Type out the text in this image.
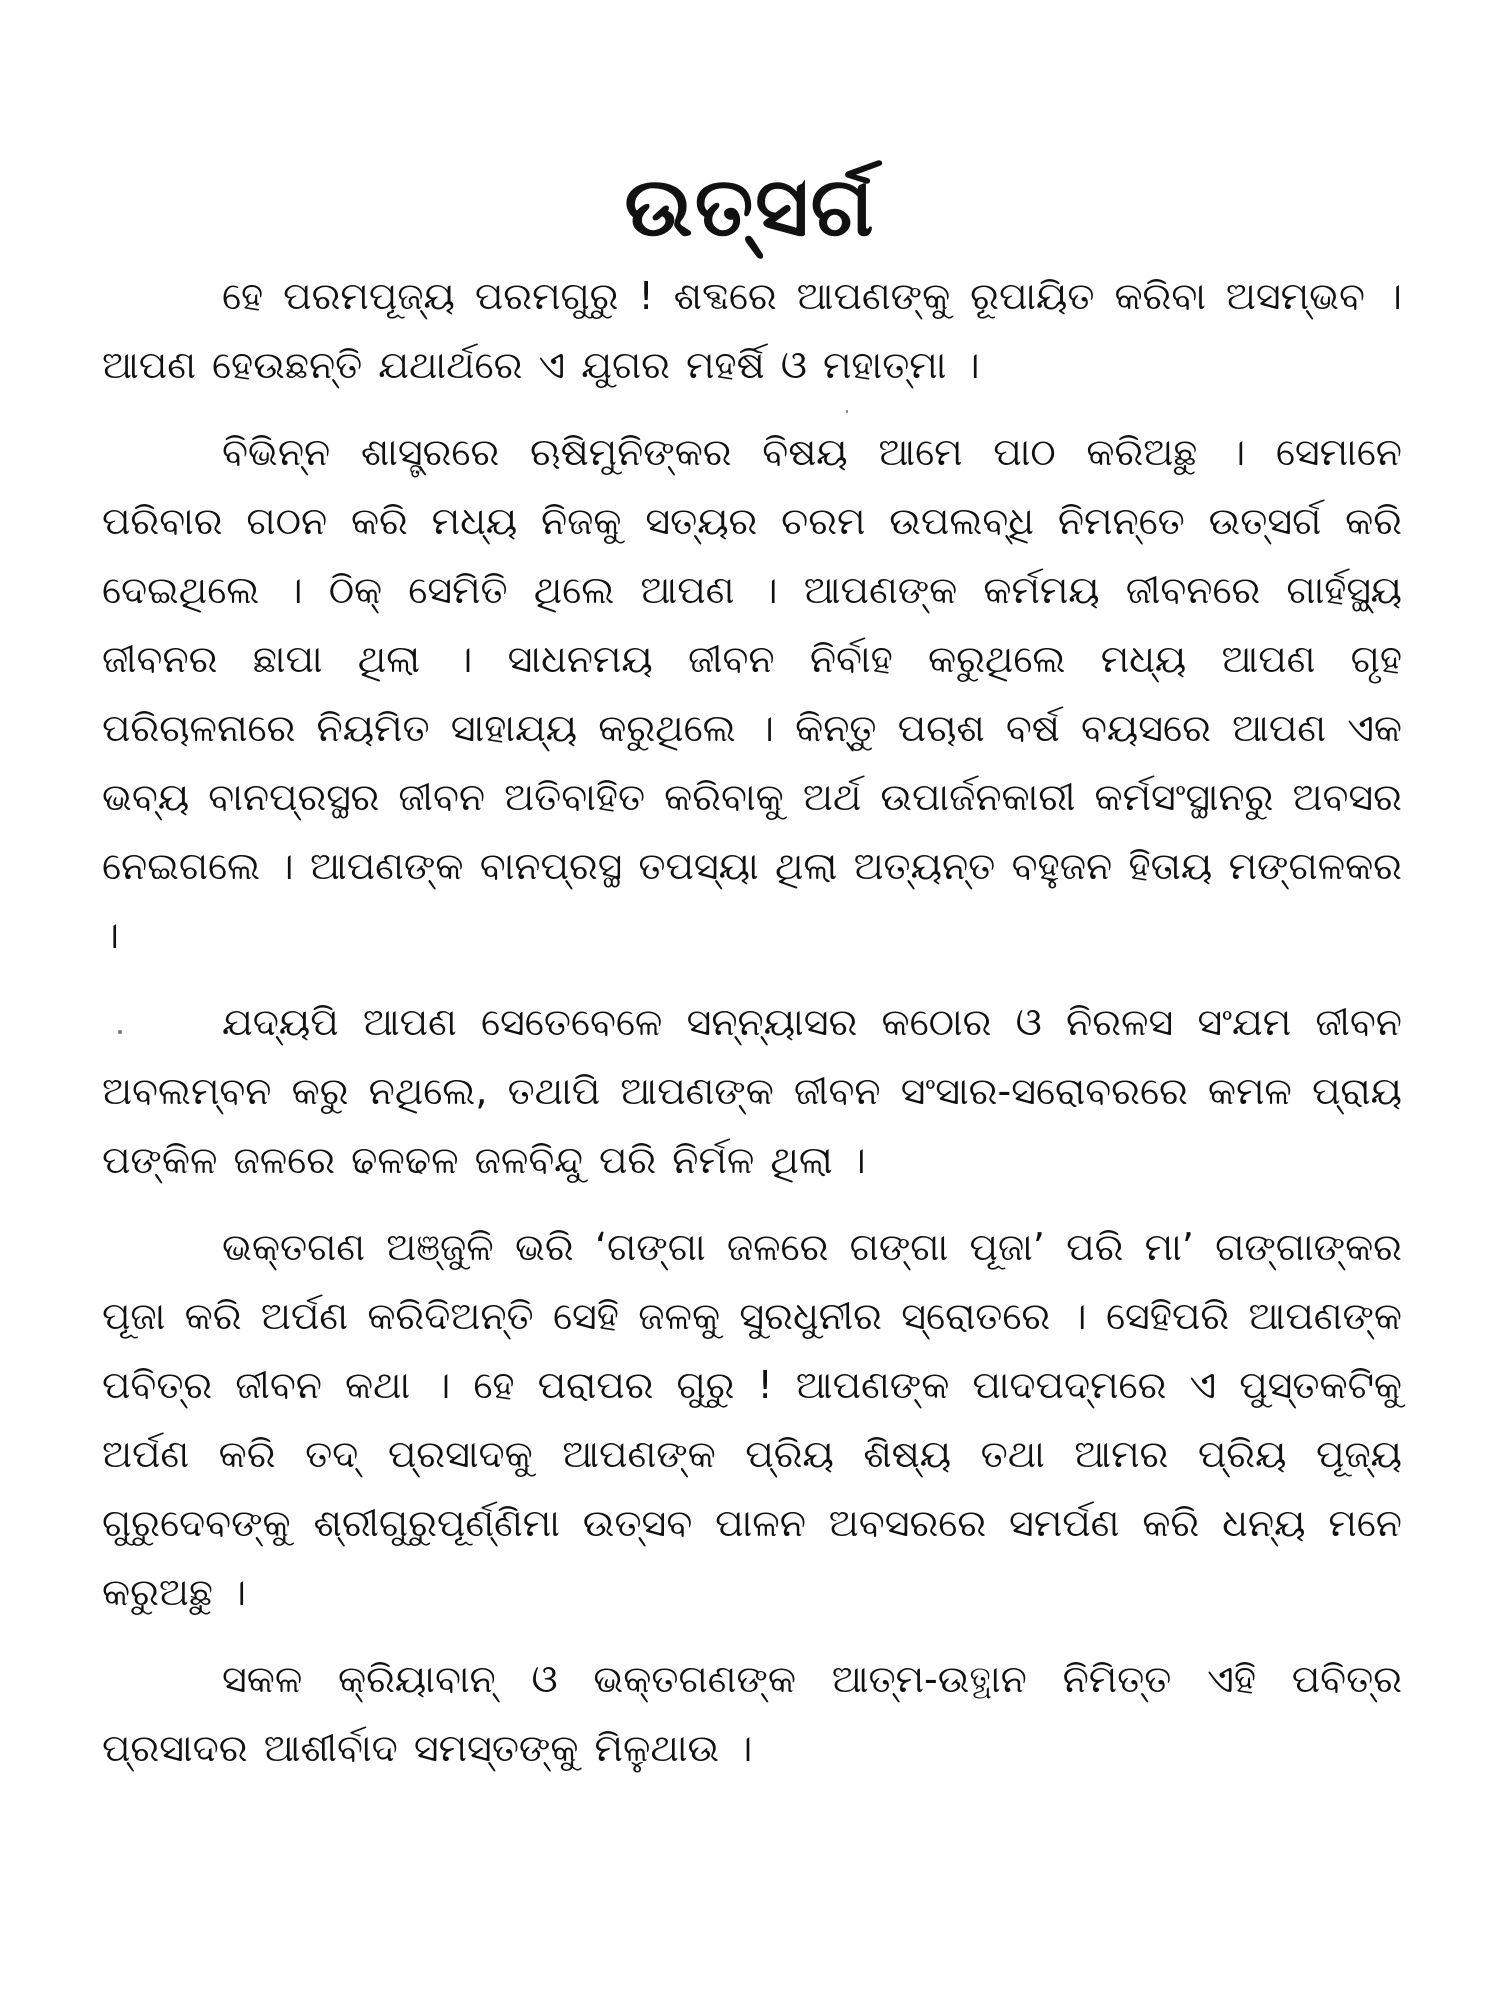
ଉତ୍ସର୍ଗ

ହେ ପରମପୂଜ୍ୟ ପରମଗୁରୁ ! ଶବ୍ଦରେ ଆପଣଙ୍କୁ ରୂପାୟିତ କରିବା ଅସମ୍ଭବ । ଆପଣ ହେଉଛନ୍ତି ଯଥାର୍ଥରେ ଏ ଯୁଗର ମହର୍ଷି ଓ ମହାତ୍ମା ।

ବିଭିନ୍ନ ଶାସ୍ତ୍ରରେ ଋଷିମୁନିଙ୍କର ବିଷୟ ଆମେ ପାଠ କରିଅଛୁ । ସେମାନେ ପରିବାର ଗଠନ କରି ମଧ୍ୟ ନିଜକୁ ସତ୍ୟର ଚରମ ଉପଲବ୍ଧି ନିମନ୍ତେ ଉତ୍ସର୍ଗ କରି ଦେଇଥିଲେ । ଠିକ୍ ସେମିତି ଥିଲେ ଆପଣ । ଆପଣଙ୍କ କର୍ମମୟ ଜୀବନରେ ଗାର୍ହସ୍ଥ୍ୟ ଜୀବନର ଛାପା ଥିଲା । ସାଧନମୟ ଜୀବନ ନିର୍ବାହ କରୁଥିଲେ ମଧ୍ୟ ଆପଣ ଗୃହ ପରିଚାଳନାରେ ନିୟମିତ ସାହାଯ୍ୟ କରୁଥିଲେ । କିନ୍ତୁ ପଚାଶ ବର୍ଷ ବୟସରେ ଆପଣ ଏକ ଭବ୍ୟ ବାନପ୍ରସ୍ଥର ଜୀବନ ଅତିବାହିତ କରିବାକୁ ଅର୍ଥ ଉପାର୍ଜନକାରୀ କର୍ମସଂସ୍ଥାନରୁ ଅବସର ନେଇଗଲେ । ଆପଣଙ୍କ ବାନପ୍ରସ୍ଥ ତପସ୍ୟା ଥିଲା ଅତ୍ୟନ୍ତ ବହୁଜନ ହିତାୟ ମଙ୍ଗଳକର ।

ଯଦ୍ୟପି ଆପଣ ସେତେବେଳେ ସନ୍ନ୍ୟାସର କଠୋର ଓ ନିରଳସ ସଂଯମ ଜୀବନ ଅବଲମ୍ବନ କରୁ ନଥିଲେ, ତଥାପି ଆପଣଙ୍କ ଜୀବନ ସଂସାର-ସରୋବରରେ କମଳ ପ୍ରାୟ ପଙ୍କିଳ ଜଳରେ ଢଳଢଳ ଜଳବିନ୍ଦୁ ପରି ନିର୍ମଳ ଥିଲା ।

ଭକ୍ତଗଣ ଅଞ୍ଜୁଳି ଭରି ‘ଗଙ୍ଗା ଜଳରେ ଗଙ୍ଗା ପୂଜା’ ପରି ମା’ ଗଙ୍ଗାଙ୍କର ପୂଜା କରି ଅର୍ପଣ କରିଦିଅନ୍ତି ସେହି ଜଳକୁ ସୁରଧୁନୀର ସ୍ରୋତରେ । ସେହିପରି ଆପଣଙ୍କ ପବିତ୍ର ଜୀବନ କଥା । ହେ ପରାପର ଗୁରୁ ! ଆପଣଙ୍କ ପାଦପଦ୍ମରେ ଏ ପୁସ୍ତକଟିକୁ ଅର୍ପଣ କରି ତଦ୍ ପ୍ରସାଦକୁ ଆପଣଙ୍କ ପ୍ରିୟ ଶିଷ୍ୟ ତଥା ଆମର ପ୍ରିୟ ପୂଜ୍ୟ ଗୁରୁଦେବଙ୍କୁ ଶ୍ରୀଗୁରୁପୂର୍ଣ୍ଣିମା ଉତ୍ସବ ପାଳନ ଅବସରରେ ସମର୍ପଣ କରି ଧନ୍ୟ ମନେ କରୁଅଛୁ ।

ସକଳ କ୍ରିୟାବାନ୍ ଓ ଭକ୍ତଗଣଙ୍କ ଆତ୍ମ-ଉତ୍ଥାନ ନିମିତ୍ତ ଏହି ପବିତ୍ର ପ୍ରସାଦର ଆଶୀର୍ବାଦ ସମସ୍ତଙ୍କୁ ମିଳୁଥାଉ ।
